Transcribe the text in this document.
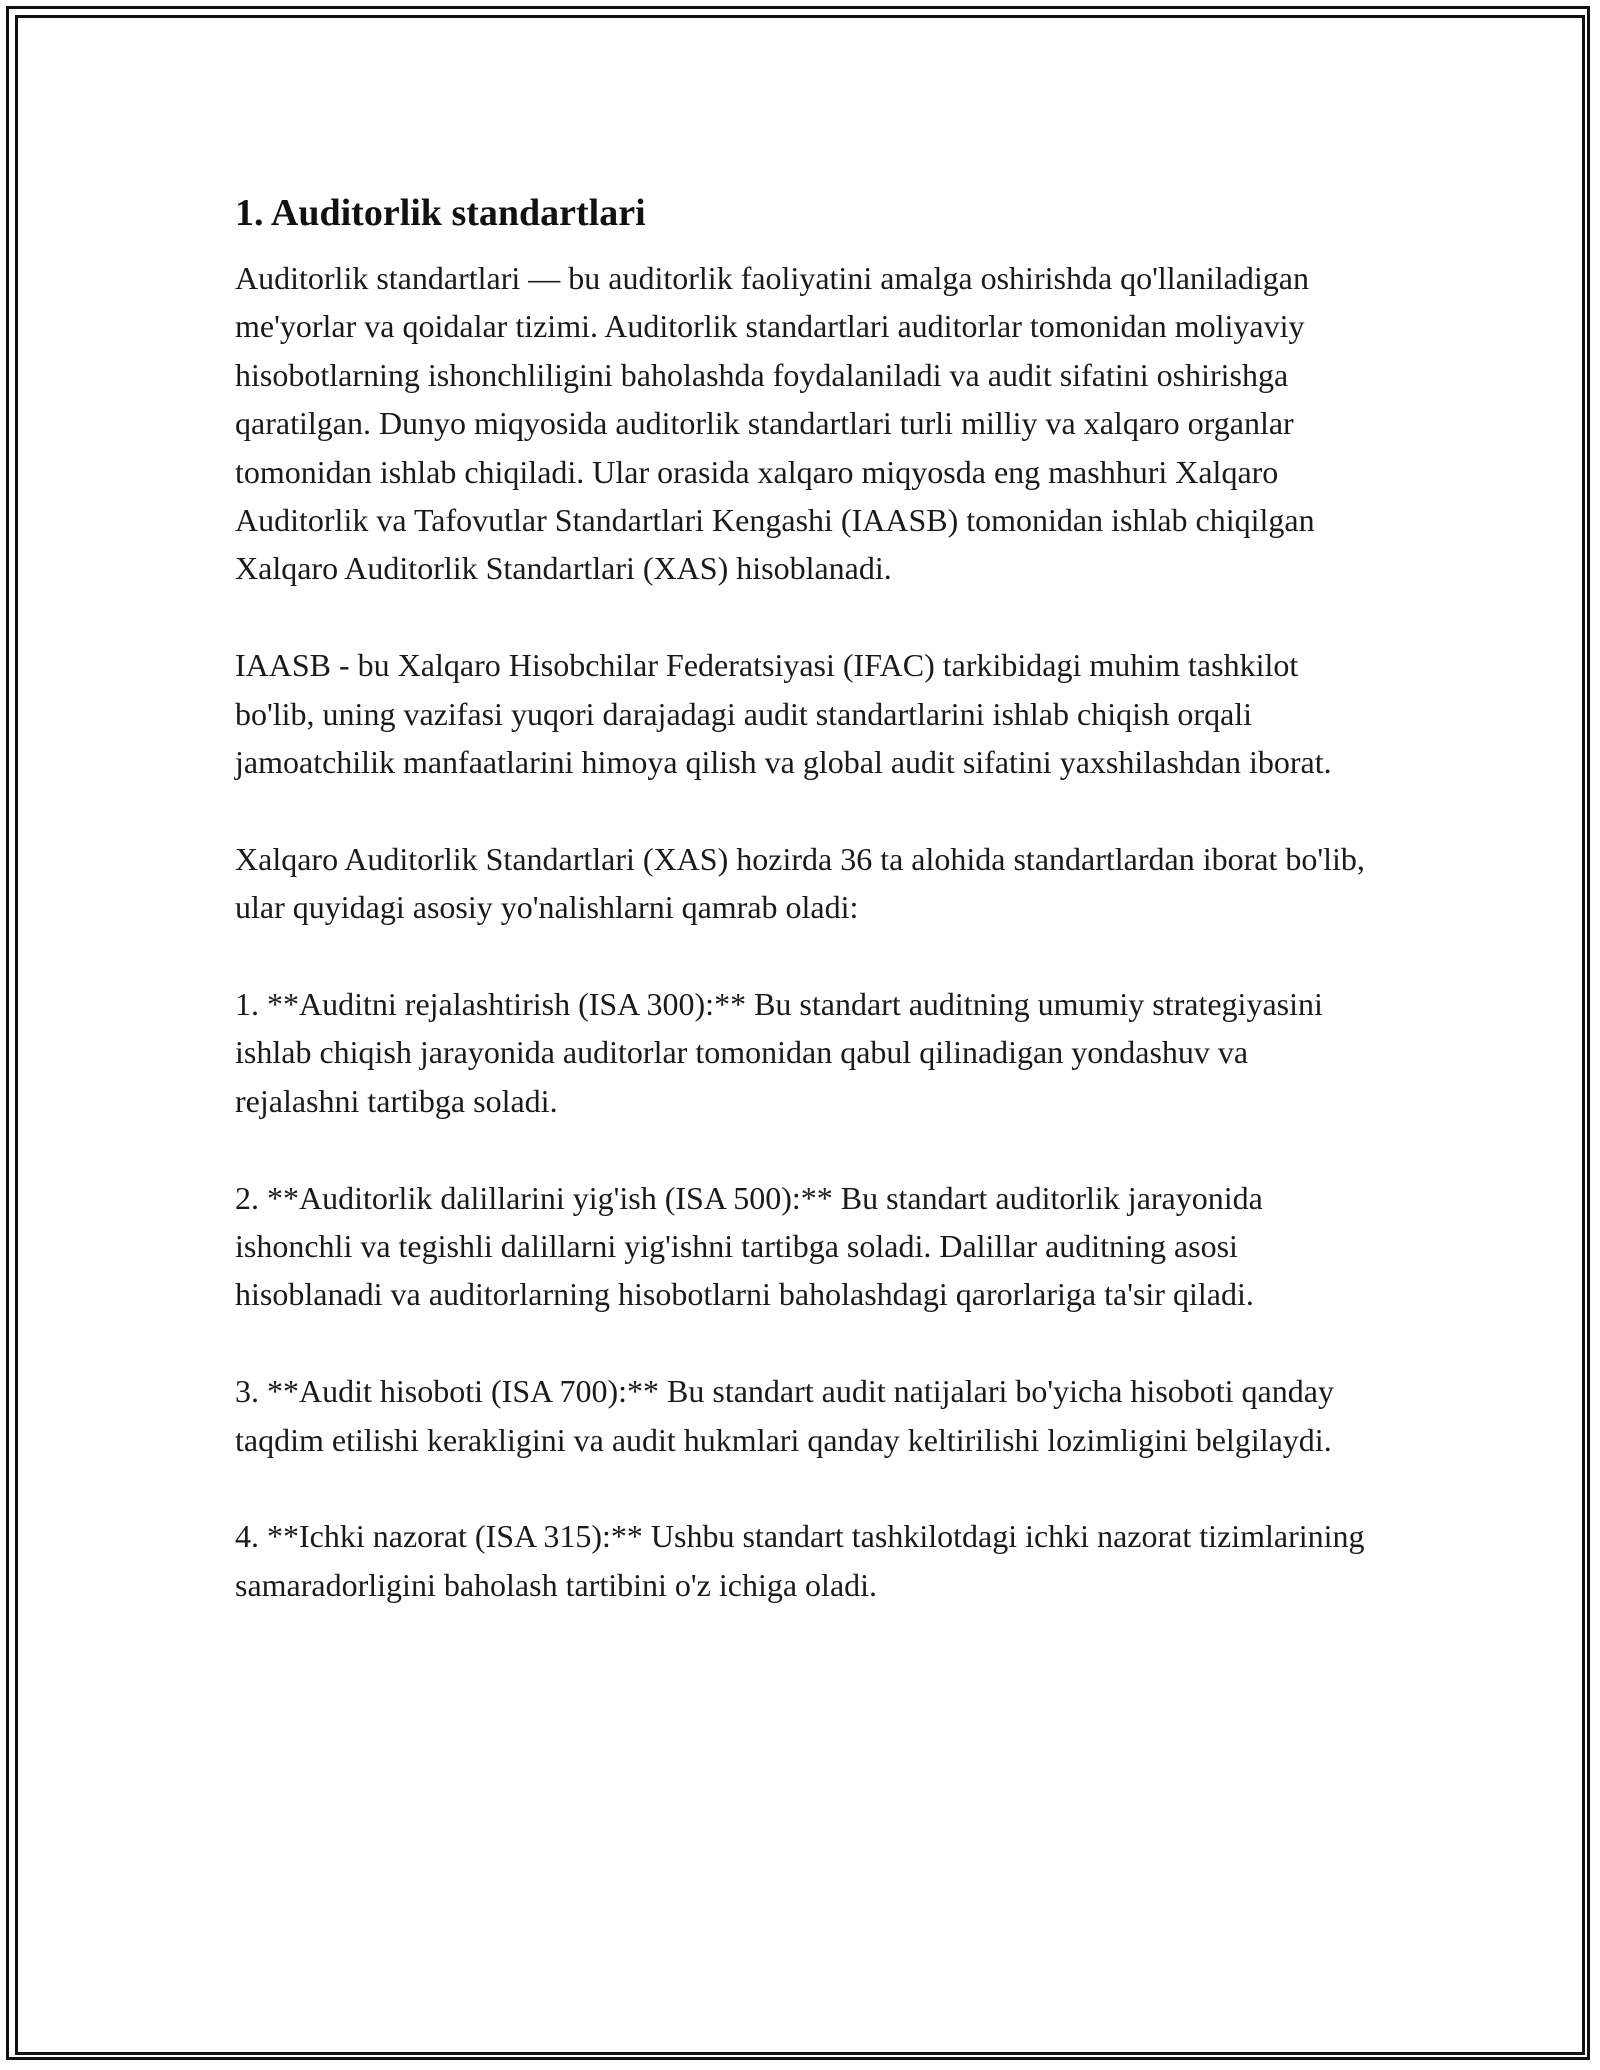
1. Auditorlik standartlari

Auditorlik standartlari — bu auditorlik faoliyatini amalga oshirishda qo'llaniladigan me'yorlar va qoidalar tizimi. Auditorlik standartlari auditorlar tomonidan moliyaviy hisobotlarning ishonchliligini baholashda foydalaniladi va audit sifatini oshirishga qaratilgan. Dunyo miqyosida auditorlik standartlari turli milliy va xalqaro organlar tomonidan ishlab chiqiladi. Ular orasida xalqaro miqyosda eng mashhuri Xalqaro Auditorlik va Tafovutlar Standartlari Kengashi (IAASB) tomonidan ishlab chiqilgan Xalqaro Auditorlik Standartlari (XAS) hisoblanadi.

IAASB - bu Xalqaro Hisobchilar Federatsiyasi (IFAC) tarkibidagi muhim tashkilot bo'lib, uning vazifasi yuqori darajadagi audit standartlarini ishlab chiqish orqali jamoatchilik manfaatlarini himoya qilish va global audit sifatini yaxshilashdan iborat.

Xalqaro Auditorlik Standartlari (XAS) hozirda 36 ta alohida standartlardan iborat bo'lib, ular quyidagi asosiy yo'nalishlarni qamrab oladi:

1. **Auditni rejalashtirish (ISA 300):** Bu standart auditning umumiy strategiyasini ishlab chiqish jarayonida auditorlar tomonidan qabul qilinadigan yondashuv va rejalashni tartibga soladi.

2. **Auditorlik dalillarini yig'ish (ISA 500):** Bu standart auditorlik jarayonida ishonchli va tegishli dalillarni yig'ishni tartibga soladi. Dalillar auditning asosi hisoblanadi va auditorlarning hisobotlarni baholashdagi qarorlariga ta'sir qiladi.

3. **Audit hisoboti (ISA 700):** Bu standart audit natijalari bo'yicha hisoboti qanday taqdim etilishi kerakligini va audit hukmlari qanday keltirilishi lozimligini belgilaydi.

4. **Ichki nazorat (ISA 315):** Ushbu standart tashkilotdagi ichki nazorat tizimlarining samaradorligini baholash tartibini o'z ichiga oladi.
